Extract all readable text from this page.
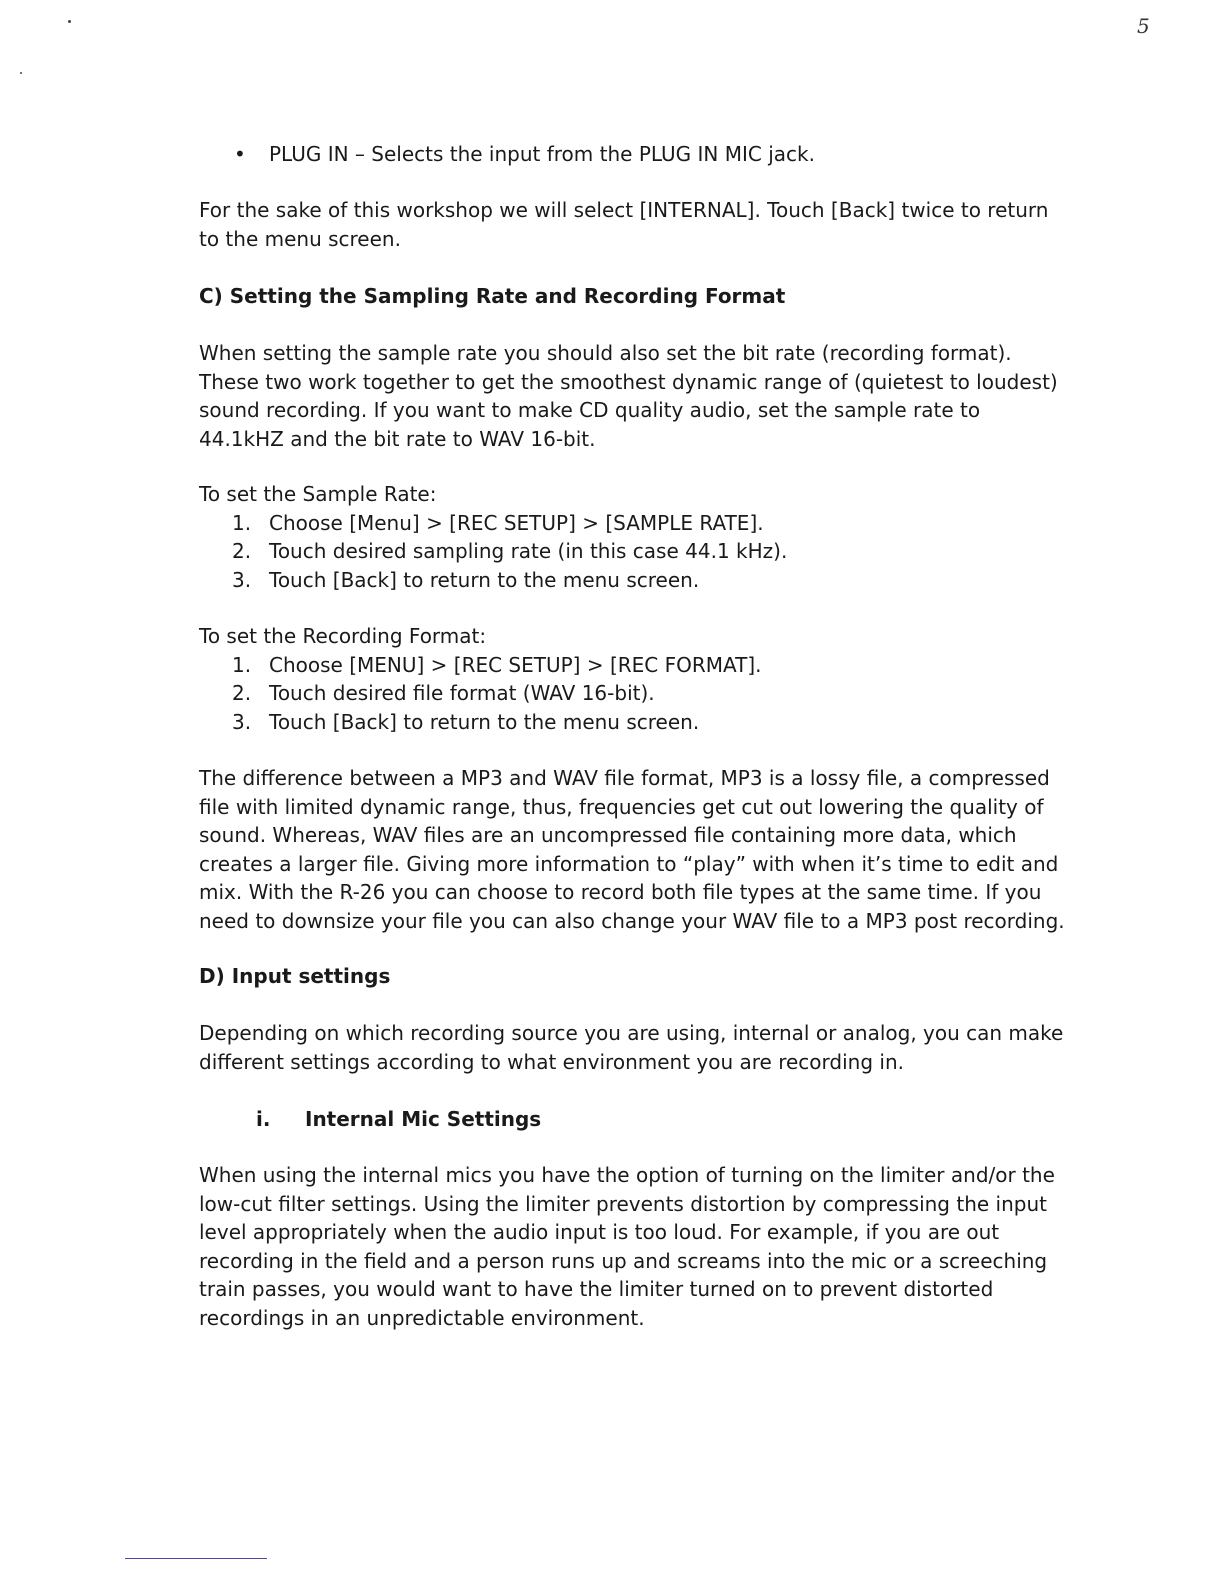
5
• PLUG IN – Selects the input from the PLUG IN MIC jack.

For the sake of this workshop we will select [INTERNAL]. Touch [Back] twice to return to the menu screen.

C) Setting the Sampling Rate and Recording Format

When setting the sample rate you should also set the bit rate (recording format). These two work together to get the smoothest dynamic range of (quietest to loudest) sound recording. If you want to make CD quality audio, set the sample rate to 44.1kHZ and the bit rate to WAV 16-bit.

To set the Sample Rate:

1. Choose [Menu] > [REC SETUP] > [SAMPLE RATE].
2. Touch desired sampling rate (in this case 44.1 kHz).
3. Touch [Back] to return to the menu screen.

To set the Recording Format:

1. Choose [MENU] > [REC SETUP] > [REC FORMAT].
2. Touch desired file format (WAV 16-bit).
3. Touch [Back] to return to the menu screen.

The difference between a MP3 and WAV file format, MP3 is a lossy file, a compressed file with limited dynamic range, thus, frequencies get cut out lowering the quality of sound. Whereas, WAV files are an uncompressed file containing more data, which creates a larger file. Giving more information to “play” with when it’s time to edit and mix. With the R-26 you can choose to record both file types at the same time. If you need to downsize your file you can also change your WAV file to a MP3 post recording.

D) Input settings

Depending on which recording source you are using, internal or analog, you can make different settings according to what environment you are recording in.

i. Internal Mic Settings

When using the internal mics you have the option of turning on the limiter and/or the low-cut filter settings. Using the limiter prevents distortion by compressing the input level appropriately when the audio input is too loud. For example, if you are out recording in the field and a person runs up and screams into the mic or a screeching train passes, you would want to have the limiter turned on to prevent distorted recordings in an unpredictable environment.
